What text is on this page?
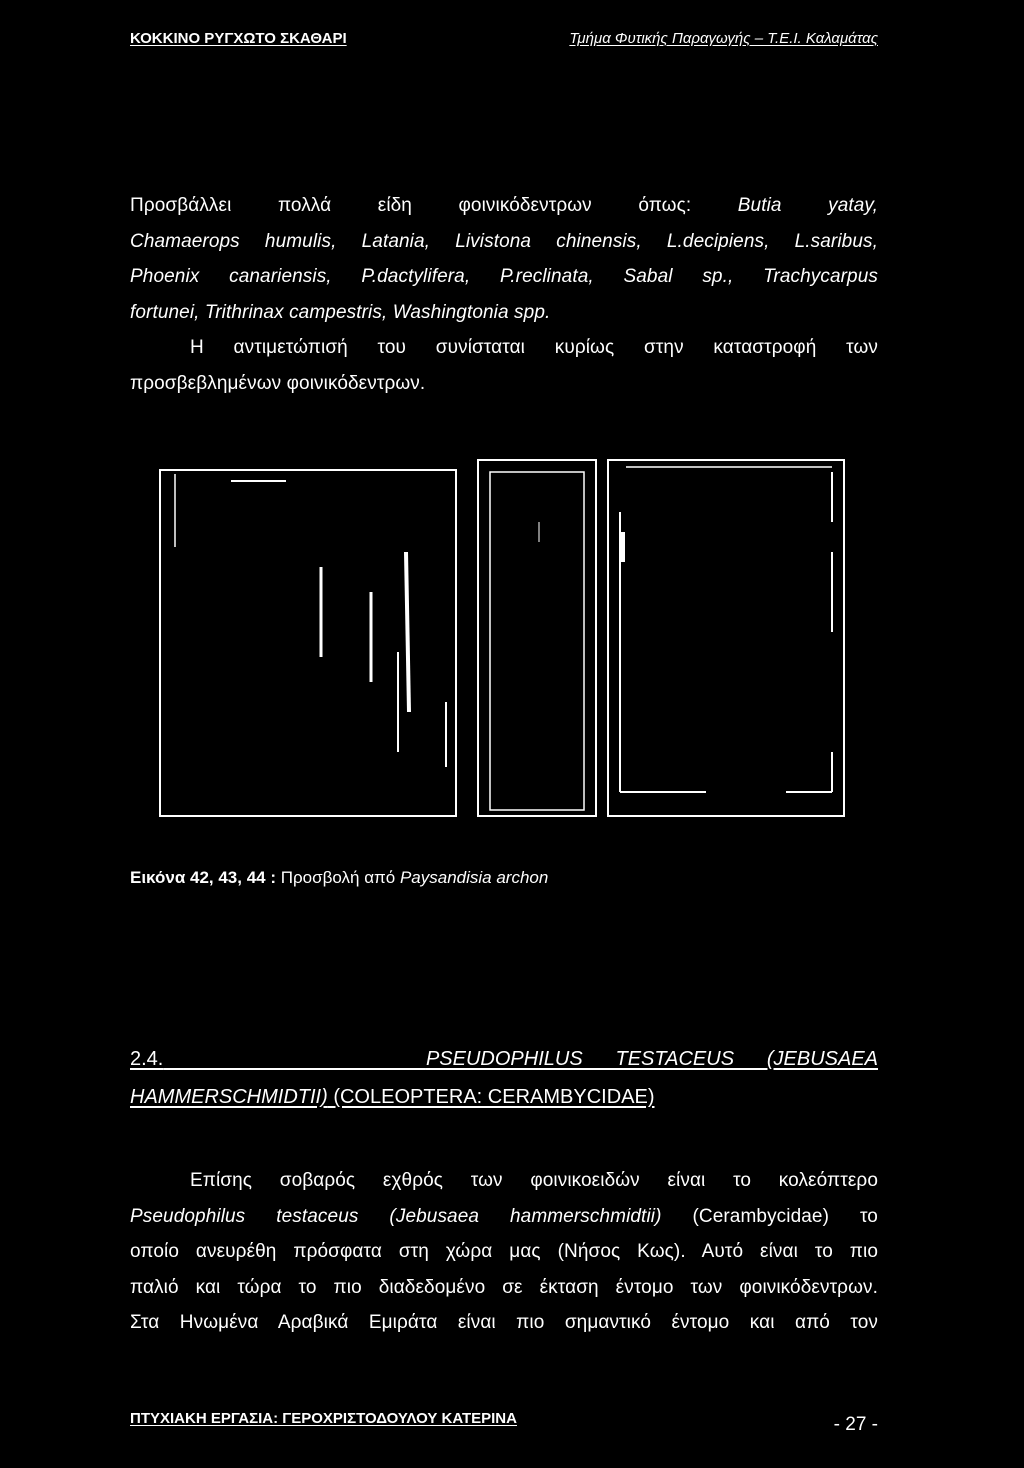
ΚΟΚΚΙΝΟ ΡΥΓΧΩΤΟ ΣΚΑΘΑΡΙ	Τμήμα Φυτικής Παραγωγής – Τ.Ε.Ι. Καλαμάτας
Προσβάλλει πολλά είδη φοινικόδεντρων όπως: Butia yatay,
Chamaerops humulis, Latania, Livistona chinensis, L.decipiens, L.saribus,
Phoenix canariensis, P.dactylifera, P.reclinata, Sabal sp., Trachycarpus
fortunei, Trithrinax campestris, Washingtonia spp.
Η αντιμετώπισή του συνίσταται κυρίως στην καταστροφή των
προσβεβλημένων φοινικόδεντρων.
Εικόνα 42, 43, 44 : Προσβολή από Paysandisia archon
2.4.	PSEUDOPHILUS TESTACEUS (JEBUSAEA
HAMMERSCHMIDTII) (COLEOPTERA: CERAMBYCIDAE)
Επίσης σοβαρός εχθρός των φοινικοειδών είναι το κολεόπτερο
Pseudophilus testaceus (Jebusaea hammerschmidtii) (Cerambycidae) το
οποίο ανευρέθη πρόσφατα στη χώρα μας (Νήσος Κως). Αυτό είναι το πιο
παλιό και τώρα το πιο διαδεδομένο σε έκταση έντομο των φοινικόδεντρων.
Στα Ηνωμένα Αραβικά Εμιράτα είναι πιο σημαντικό έντομο και από τον
ΠΤΥΧΙΑΚΗ ΕΡΓΑΣΙΑ: ΓΕΡΟΧΡΙΣΤΟΔΟΥΛΟΥ ΚΑΤΕΡΙΝΑ	- 27 -
